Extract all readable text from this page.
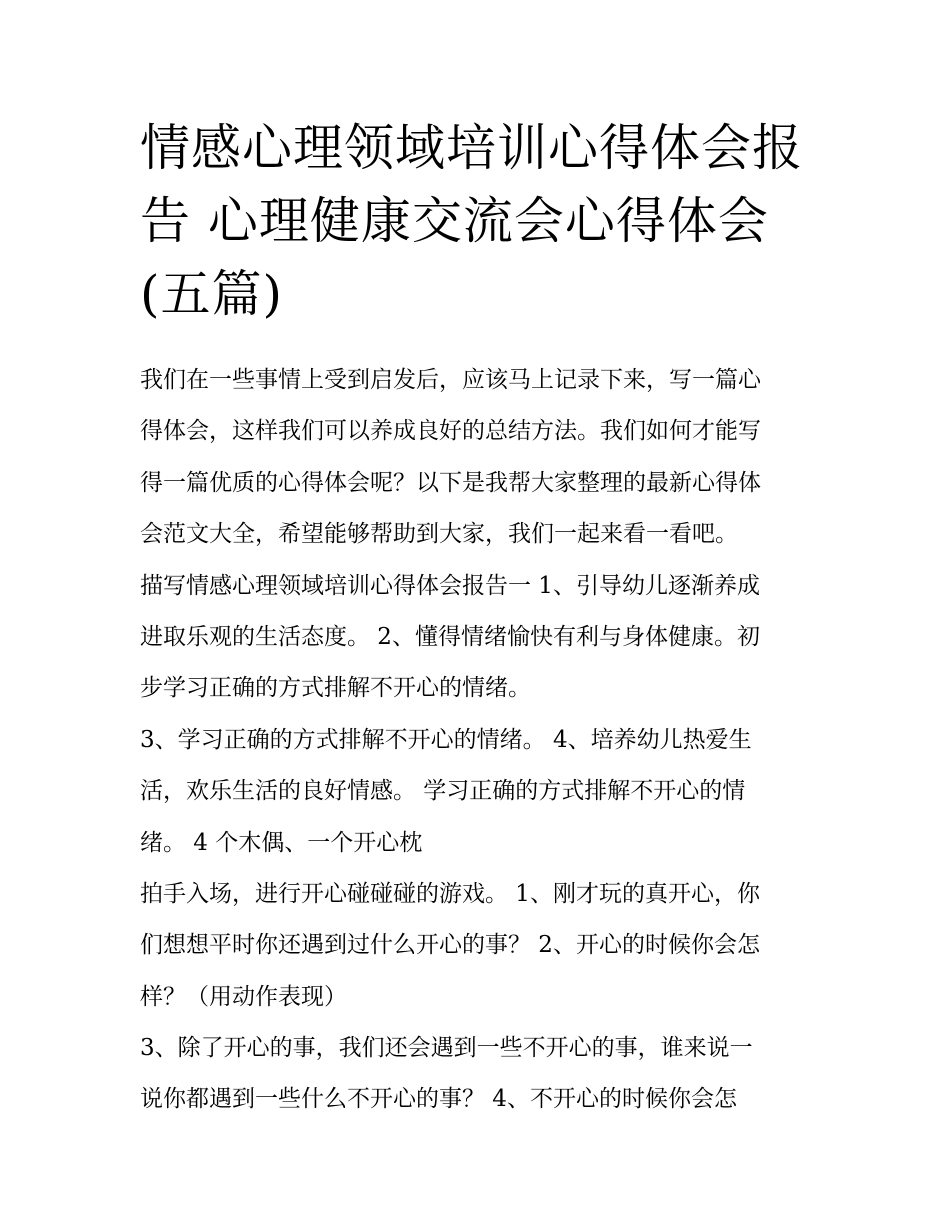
情感心理领域培训心得体会报
告 心理健康交流会心得体会
(五篇)
我们在一些事情上受到启发后，应该马上记录下来，写一篇心
得体会，这样我们可以养成良好的总结方法。我们如何才能写
得一篇优质的心得体会呢？以下是我帮大家整理的最新心得体
会范文大全，希望能够帮助到大家，我们一起来看一看吧。
描写情感心理领域培训心得体会报告一 1、引导幼儿逐渐养成
进取乐观的生活态度。 2、懂得情绪愉快有利与身体健康。初
步学习正确的方式排解不开心的情绪。
3、学习正确的方式排解不开心的情绪。 4、培养幼儿热爱生
活，欢乐生活的良好情感。 学习正确的方式排解不开心的情
绪。 4 个木偶、一个开心枕
拍手入场，进行开心碰碰碰的游戏。 1、刚才玩的真开心，你
们想想平时你还遇到过什么开心的事？ 2、开心的时候你会怎
样？（用动作表现）
3、除了开心的事，我们还会遇到一些不开心的事，谁来说一
说你都遇到一些什么不开心的事？ 4、不开心的时候你会怎
